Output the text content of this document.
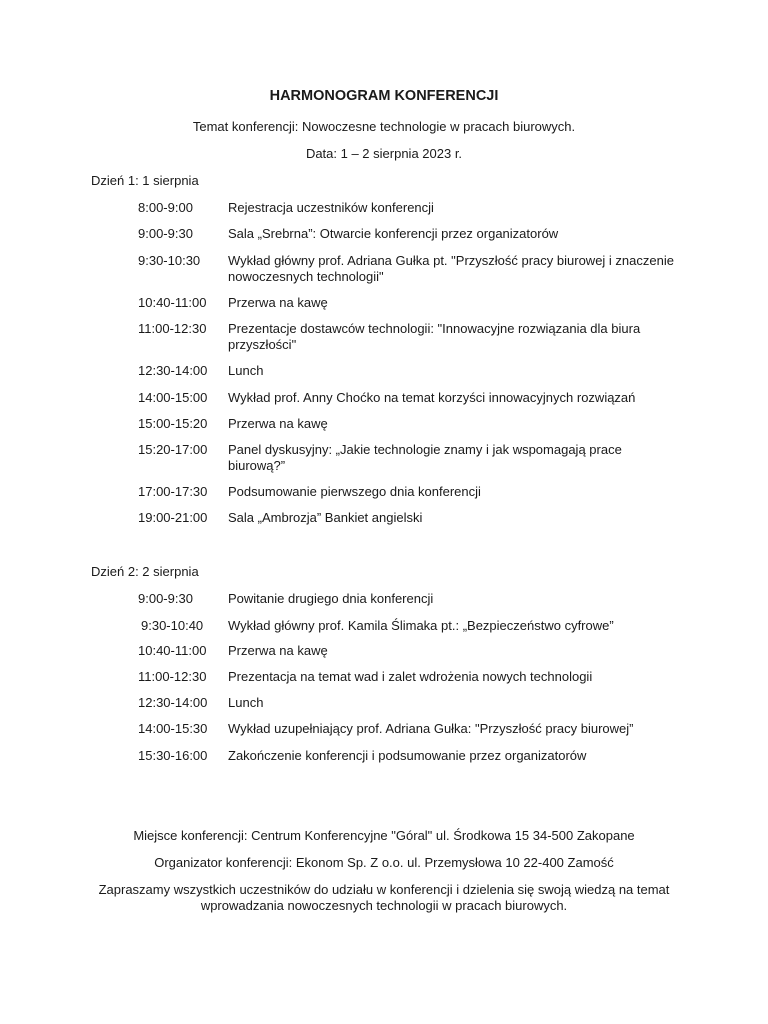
HARMONOGRAM KONFERENCJI
Temat konferencji: Nowoczesne technologie w pracach biurowych.
Data: 1 – 2 sierpnia 2023 r.
Dzień 1: 1 sierpnia
8:00-9:00	Rejestracja uczestników konferencji
9:00-9:30	Sala „Srebrna”: Otwarcie konferencji przez organizatorów
9:30-10:30 Wykład główny prof. Adriana Gułka pt. "Przyszłość pracy biurowej i znaczenie nowoczesnych technologii"
10:40-11:00 Przerwa na kawę
11:00-12:30 Prezentacje dostawców technologii: "Innowacyjne rozwiązania dla biura przyszłości"
12:30-14:00 Lunch
14:00-15:00 Wykład prof. Anny Choćko na temat korzyści innowacyjnych rozwiązań
15:00-15:20 Przerwa na kawę
15:20-17:00 Panel dyskusyjny: „Jakie technologie znamy i jak wspomagają prace biurową?”
17:00-17:30 Podsumowanie pierwszego dnia konferencji
19:00-21:00 Sala „Ambrozja” Bankiet angielski
Dzień 2: 2 sierpnia
9:00-9:30	Powitanie drugiego dnia konferencji
9:30-10:40 Wykład główny prof. Kamila Ślimaka pt.: „Bezpieczeństwo cyfrowe”
10:40-11:00 Przerwa na kawę
11:00-12:30 Prezentacja na temat wad i zalet wdrożenia nowych technologii
12:30-14:00 Lunch
14:00-15:30 Wykład uzupełniający prof. Adriana Gułka: "Przyszłość pracy biurowej”
15:30-16:00 Zakończenie konferencji i podsumowanie przez organizatorów
Miejsce konferencji: Centrum Konferencyjne "Góral" ul. Środkowa 15 34-500 Zakopane
Organizator konferencji: Ekonom Sp. Z o.o. ul. Przemysłowa 10 22-400 Zamość
Zapraszamy wszystkich uczestników do udziału w konferencji i dzielenia się swoją wiedzą na temat wprowadzania nowoczesnych technologii w pracach biurowych.
